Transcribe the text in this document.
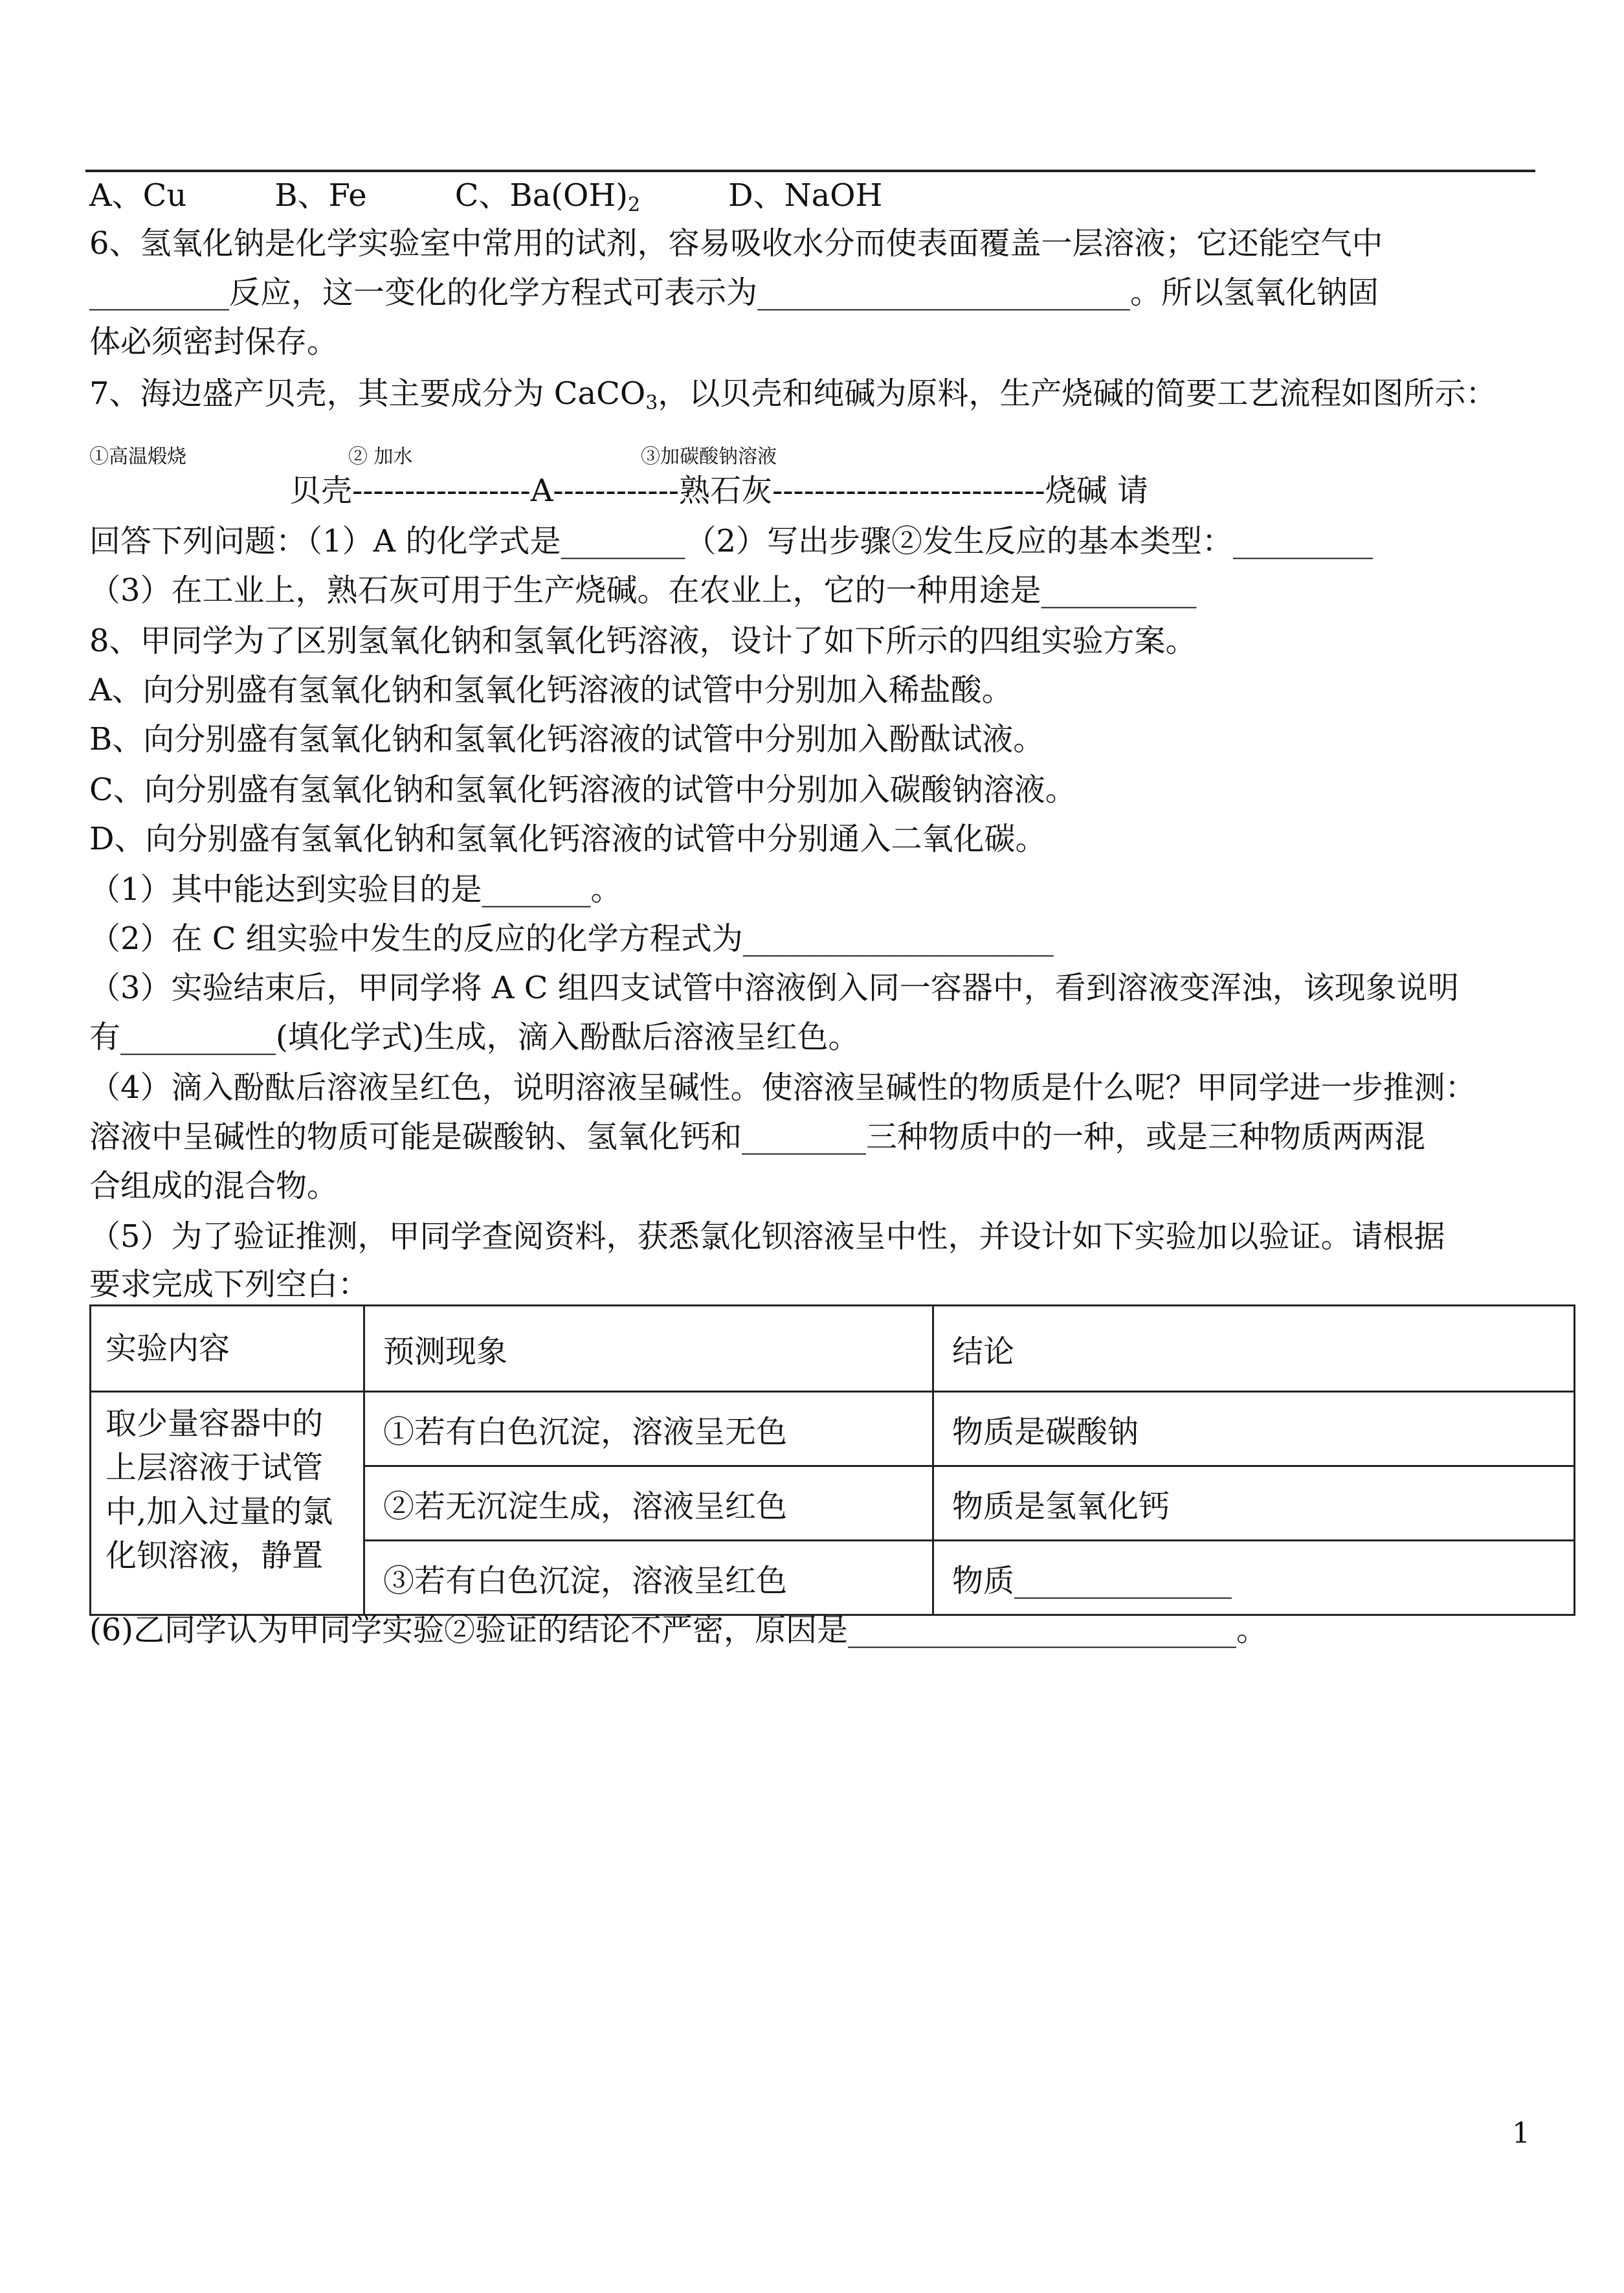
A、Cu	B、Fe	C、$Ba(OH)_2$	D、NaOH
6、氢氧化钠是化学实验室中常用的试剂，容易吸收水分而使表面覆盖一层溶液；它还能空气中
_________反应，这一变化的化学方程式可表示为________________________。所以氢氧化钠固
体必须密封保存。
7、海边盛产贝壳，其主要成分为 CaCO$_3$，以贝壳和纯碱为原料，生产烧碱的简要工艺流程如图所示：
①高温煅烧	② 加水	③加碳酸钠溶液
贝壳-----------------A------------熟石灰--------------------------烧碱 请
回答下列问题：（1）A 的化学式是________（2）写出步骤②发生反应的基本类型：_________
（3）在工业上，熟石灰可用于生产烧碱。在农业上，它的一种用途是__________
8、甲同学为了区别氢氧化钠和氢氧化钙溶液，设计了如下所示的四组实验方案。
A、向分别盛有氢氧化钠和氢氧化钙溶液的试管中分别加入稀盐酸。
B、向分别盛有氢氧化钠和氢氧化钙溶液的试管中分别加入酚酞试液。
C、向分别盛有氢氧化钠和氢氧化钙溶液的试管中分别加入碳酸钠溶液。
D、向分别盛有氢氧化钠和氢氧化钙溶液的试管中分别通入二氧化碳。
（1）其中能达到实验目的是_______。
（2）在 C 组实验中发生的反应的化学方程式为____________________
（3）实验结束后，甲同学将 A C 组四支试管中溶液倒入同一容器中，看到溶液变浑浊，该现象说明
有__________(填化学式)生成，滴入酚酞后溶液呈红色。
（4）滴入酚酞后溶液呈红色，说明溶液呈碱性。使溶液呈碱性的物质是什么呢？甲同学进一步推测：
溶液中呈碱性的物质可能是碳酸钠、氢氧化钙和________三种物质中的一种，或是三种物质两两混
合组成的混合物。
（5）为了验证推测，甲同学查阅资料，获悉氯化钡溶液呈中性，并设计如下实验加以验证。请根据
要求完成下列空白：
实验内容	预测现象	结论
取少量容器中的上层溶液于试管中,加入过量的氯化钡溶液，静置	①若有白色沉淀，溶液呈无色	物质是碳酸钠
	②若无沉淀生成，溶液呈红色	物质是氢氧化钙
	③若有白色沉淀，溶液呈红色	物质______________
(6)乙同学认为甲同学实验②验证的结论不严密，原因是_________________________。
1
